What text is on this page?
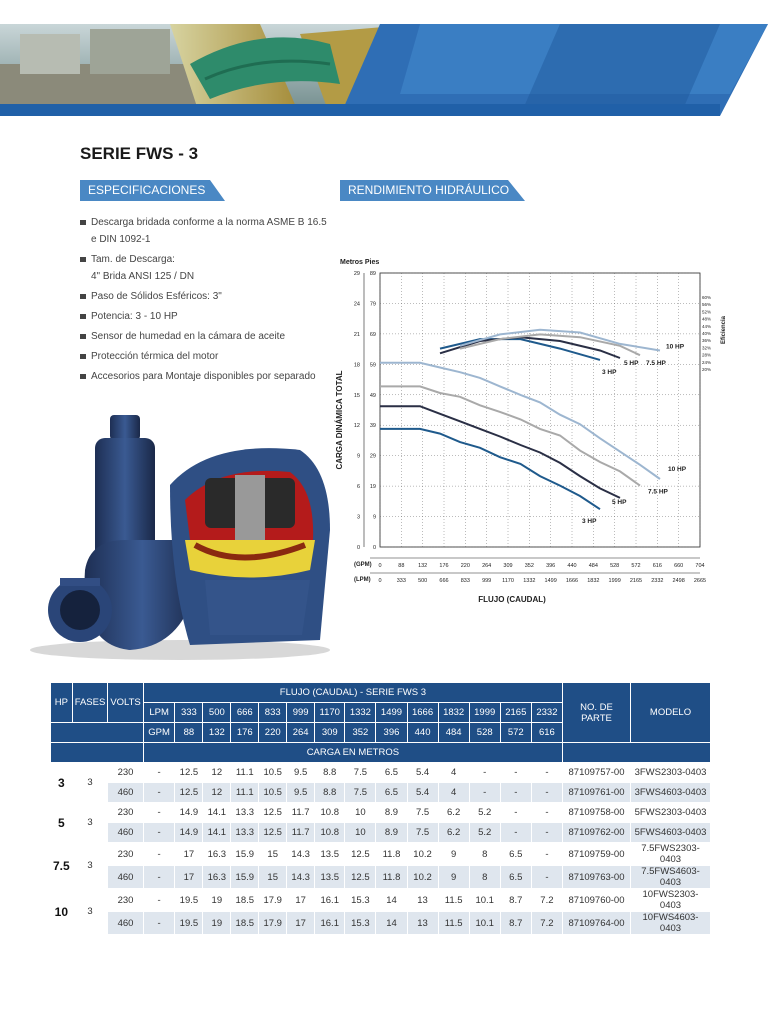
SERIE FWS - 3
ESPECIFICACIONES	RENDIMIENTO HIDRÁULICO
Descarga bridada conforme a la norma ASME B 16.5
e DIN 1092-1
Tam. de Descarga:
4" Brida ANSI 125 / DN
Paso de Sólidos Esféricos: 3"
Potencia: 3 - 10 HP
Sensor de humedad en la cámara de aceite
Protección térmica del motor
Accesorios para Montaje disponibles por separado
Metros Pies
0
0
88
333
132
500
176
666
220
833
264
999
309
1170
352
1332
396
1499
440
1666
484
1832
528
1999
572
2165
616
2332
660
2498
704
2665
0 0
3 9
6 19
9 29
12 39
15 49
18 59
21 69
24 79
29 89
60%
56%
52%
48%
44%
40%
36%
32%
28%
24%
20%
3 HP
5 HP
7.5 HP
10 HP
3 HP
5 HP 7.5 HP
10 HP
FLUJO (CAUDAL)
CARGA DINÁMICA TOTAL
Eficiencia
(GPM)
(LPM)
HP	FASES	VOLTS	FLUJO (CAUDAL) - SERIE FWS 3														NO. DE PARTE	MODELO
			LPM	333	500	666	833	999	1170	1332	1499	1666	1832	1999	2165	2332		
			GPM	88	132	176	220	264	309	352	396	440	484	528	572	616		
			CARGA EN METROS															
3	3	230	-	12.5	12	11.1	10.5	9.5	8.8	7.5	6.5	5.4	4	-	-	-	87109757-00	3FWS2303-0403
		460	-	12.5	12	11.1	10.5	9.5	8.8	7.5	6.5	5.4	4	-	-	-	87109761-00	3FWS4603-0403
5	3	230	-	14.9	14.1	13.3	12.5	11.7	10.8	10	8.9	7.5	6.2	5.2	-	-	87109758-00	5FWS2303-0403
		460	-	14.9	14.1	13.3	12.5	11.7	10.8	10	8.9	7.5	6.2	5.2	-	-	87109762-00	5FWS4603-0403
7.5	3	230	-	17	16.3	15.9	15	14.3	13.5	12.5	11.8	10.2	9	8	6.5	-	87109759-00	7.5FWS2303-0403
		460	-	17	16.3	15.9	15	14.3	13.5	12.5	11.8	10.2	9	8	6.5	-	87109763-00	7.5FWS4603-0403
10	3	230	-	19.5	19	18.5	17.9	17	16.1	15.3	14	13	11.5	10.1	8.7	7.2	87109760-00	10FWS2303-0403
		460	-	19.5	19	18.5	17.9	17	16.1	15.3	14	13	11.5	10.1	8.7	7.2	87109764-00	10FWS4603-0403
